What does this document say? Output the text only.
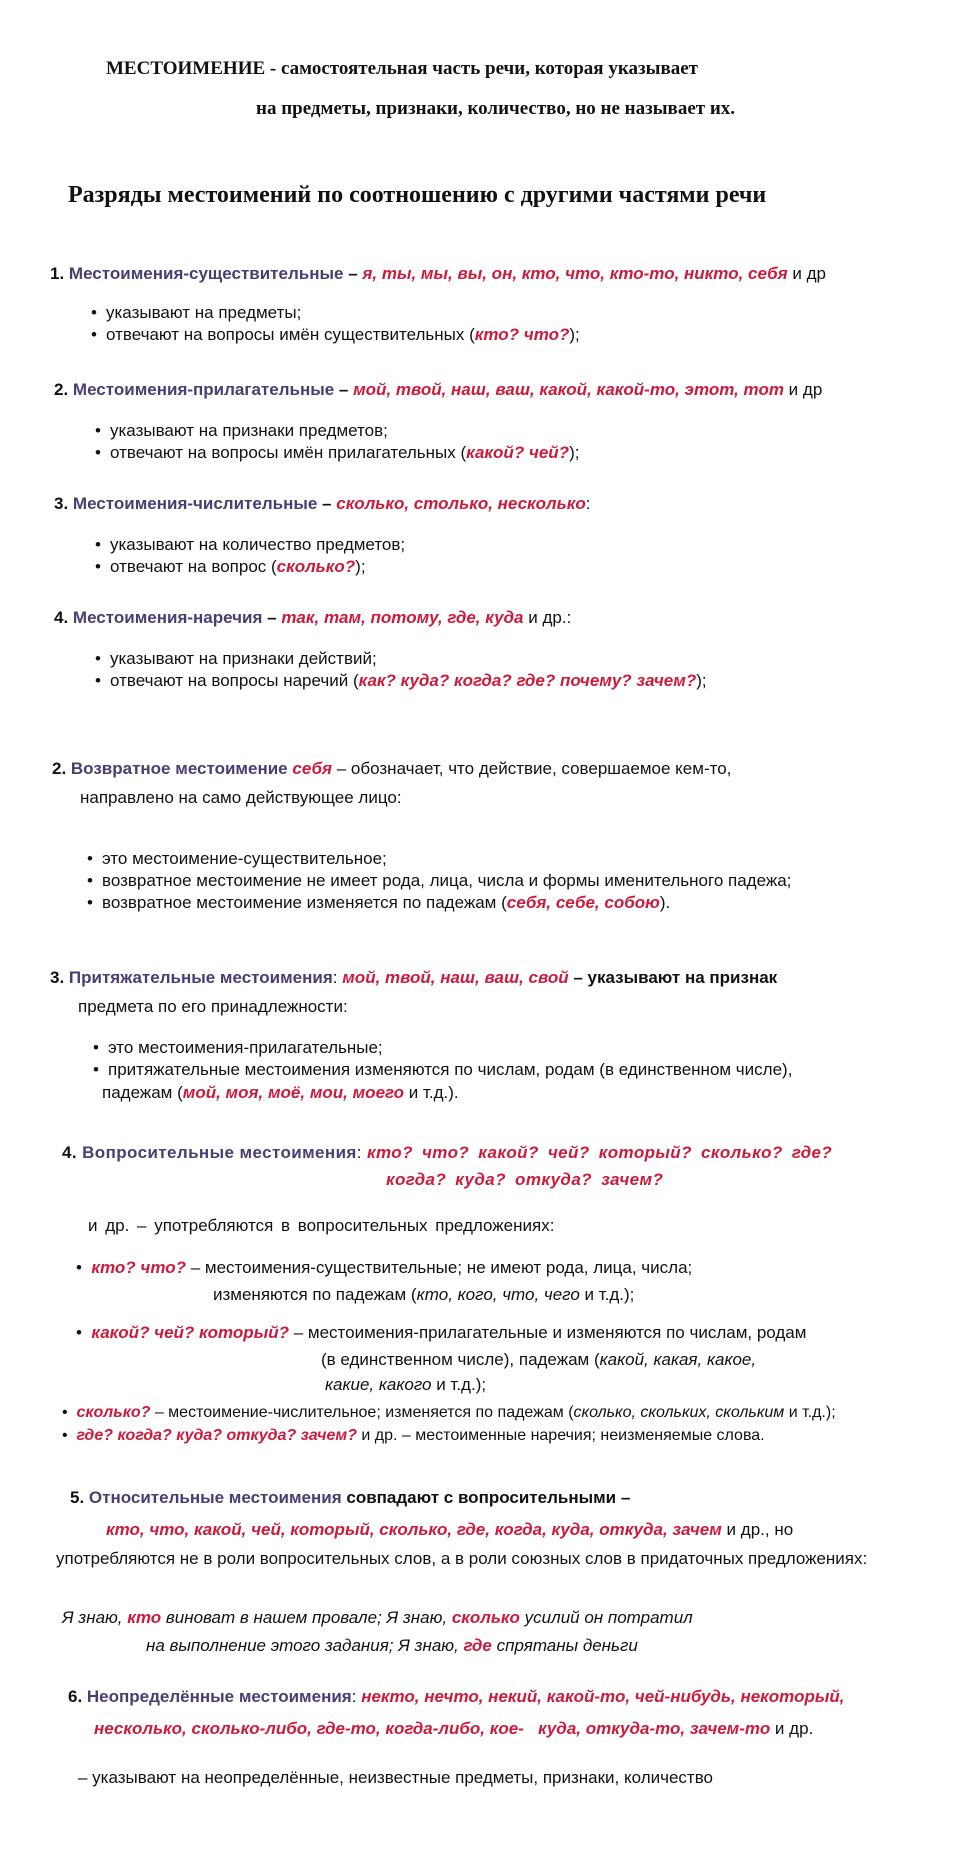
МЕСТОИМЕНИЕ - самостоятельная часть речи, которая указывает
на предметы, признаки, количество, но не называет их.
Разряды местоимений по соотношению с другими частями речи
1. Местоимения-существительные – я, ты, мы, вы, он, кто, что, кто-то, никто, себя и др
• указывают на предметы;
• отвечают на вопросы имён существительных (кто? что?);
2. Местоимения-прилагательные – мой, твой, наш, ваш, какой, какой-то, этот, тот и др
• указывают на признаки предметов;
• отвечают на вопросы имён прилагательных (какой? чей?);
3. Местоимения-числительные – сколько, столько, несколько:
• указывают на количество предметов;
• отвечают на вопрос (сколько?);
4. Местоимения-наречия – так, там, потому, где, куда и др.:
• указывают на признаки действий;
• отвечают на вопросы наречий (как? куда? когда? где? почему? зачем?);
2. Возвратное местоимение себя – обозначает, что действие, совершаемое кем-то,
направлено на само действующее лицо:
• это местоимение-существительное;
• возвратное местоимение не имеет рода, лица, числа и формы именительного падежа;
• возвратное местоимение изменяется по падежам (себя, себе, собою).
3. Притяжательные местоимения: мой, твой, наш, ваш, свой – указывают на признак
предмета по его принадлежности:
• это местоимения-прилагательные;
• притяжательные местоимения изменяются по числам, родам (в единственном числе),
падежам (мой, моя, моё, мои, моего и т.д.).
4. Вопросительные местоимения: кто? что? какой? чей? который? сколько? где?
когда? куда? откуда? зачем?
и др. – употребляются в вопросительных предложениях:
•  кто? что? – местоимения-существительные; не имеют рода, лица, числа;
изменяются по падежам (кто, кого, что, чего и т.д.);
•  какой? чей? который? – местоимения-прилагательные и изменяются по числам, родам
(в единственном числе), падежам (какой, какая, какое,
какие, какого и т.д.);
•  сколько? – местоимение-числительное; изменяется по падежам (сколько, скольких, скольким и т.д.);
•  где? когда? куда? откуда? зачем? и др. – местоименные наречия; неизменяемые слова.
5. Относительные местоимения совпадают с вопросительными –
кто, что, какой, чей, который, сколько, где, когда, куда, откуда, зачем и др., но
употребляются не в роли вопросительных слов, а в роли союзных слов в придаточных предложениях:
Я знаю, кто виноват в нашем провале; Я знаю, сколько усилий он потратил
на выполнение этого задания; Я знаю, где спрятаны деньги
6. Неопределённые местоимения: некто, нечто, некий, какой-то, чей-нибудь, некоторый,
несколько, сколько-либо, где-то, когда-либо, кое-   куда, откуда-то, зачем-то и др.
– указывают на неопределённые, неизвестные предметы, признаки, количество
